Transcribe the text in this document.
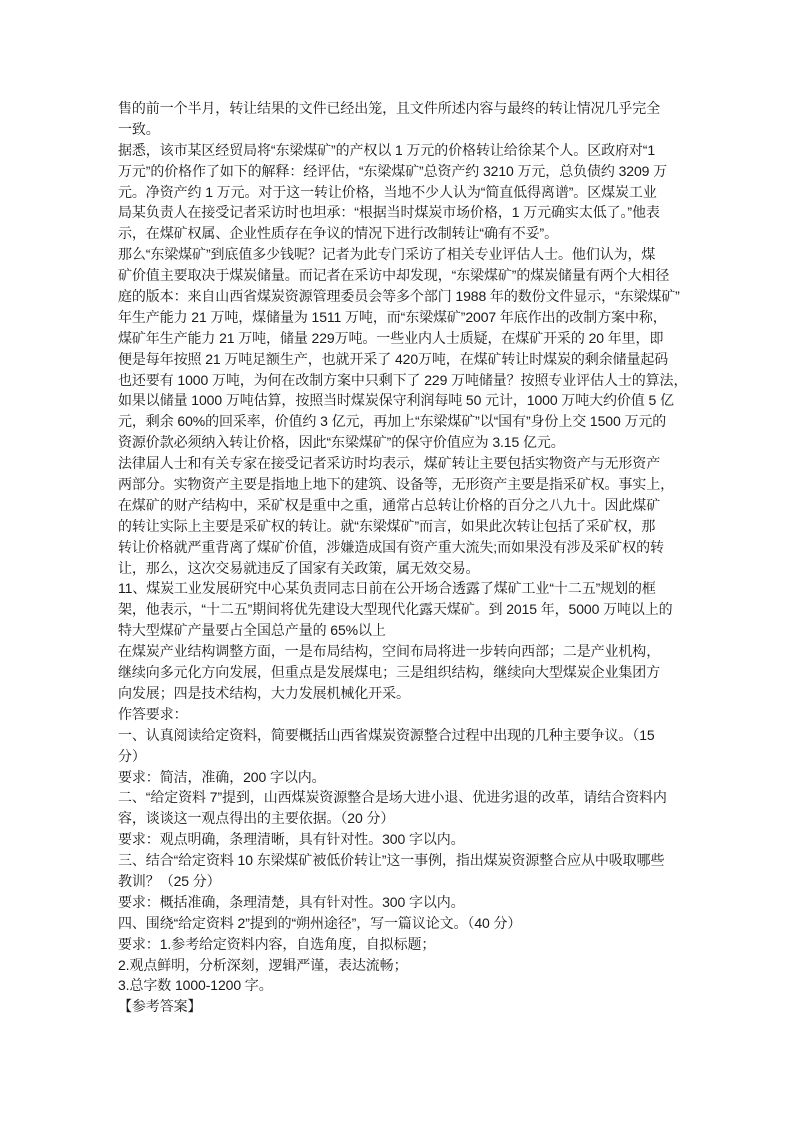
售的前一个半月，转让结果的文件已经出笼，且文件所述内容与最终的转让情况几乎完全
一致。
据悉，该市某区经贸局将“东梁煤矿”的产权以 1 万元的价格转让给徐某个人。区政府对“1
万元”的价格作了如下的解释：经评估，“东梁煤矿”总资产约 3210 万元，总负债约 3209 万
元。净资产约 1 万元。对于这一转让价格，当地不少人认为“简直低得离谱”。区煤炭工业
局某负责人在接受记者采访时也坦承：“根据当时煤炭市场价格，1 万元确实太低了。”他表
示，在煤矿权属、企业性质存在争议的情况下进行改制转让“确有不妥”。
那么“东梁煤矿”到底值多少钱呢？记者为此专门采访了相关专业评估人士。他们认为，煤
矿价值主要取决于煤炭储量。而记者在采访中却发现，“东梁煤矿”的煤炭储量有两个大相径
庭的版本：来自山西省煤炭资源管理委员会等多个部门 1988 年的数份文件显示，“东梁煤矿”
年生产能力 21 万吨，煤储量为 1511 万吨，而“东梁煤矿”2007 年底作出的改制方案中称，
煤矿年生产能力 21 万吨，储量 229万吨。一些业内人士质疑，在煤矿开采的 20 年里，即
便是每年按照 21 万吨足额生产，也就开采了 420万吨，在煤矿转让时煤炭的剩余储量起码
也还要有 1000 万吨，为何在改制方案中只剩下了 229 万吨储量？按照专业评估人士的算法，
如果以储量 1000 万吨估算，按照当时煤炭保守利润每吨 50 元计，1000 万吨大约价值 5 亿
元，剩余 60%的回采率，价值约 3 亿元，再加上“东梁煤矿”以“国有”身份上交 1500 万元的
资源价款必须纳入转让价格，因此“东梁煤矿”的保守价值应为 3.15 亿元。
法律届人士和有关专家在接受记者采访时均表示，煤矿转让主要包括实物资产与无形资产
两部分。实物资产主要是指地上地下的建筑、设备等，无形资产主要是指采矿权。事实上，
在煤矿的财产结构中，采矿权是重中之重，通常占总转让价格的百分之八九十。因此煤矿
的转让实际上主要是采矿权的转让。就“东梁煤矿”而言，如果此次转让包括了采矿权，那
转让价格就严重背离了煤矿价值，涉嫌造成国有资产重大流失;而如果没有涉及采矿权的转
让，那么，这次交易就违反了国家有关政策，属无效交易。
11、煤炭工业发展研究中心某负责同志日前在公开场合透露了煤矿工业“十二五”规划的框
架，他表示，“十二五”期间将优先建设大型现代化露天煤矿。到 2015 年，5000 万吨以上的
特大型煤矿产量要占全国总产量的 65%以上
在煤炭产业结构调整方面，一是布局结构，空间布局将进一步转向西部；二是产业机构，
继续向多元化方向发展，但重点是发展煤电；三是组织结构，继续向大型煤炭企业集团方
向发展；四是技术结构，大力发展机械化开采。
作答要求：
一、认真阅读给定资料，简要概括山西省煤炭资源整合过程中出现的几种主要争议。（15
分）
要求：简洁，准确，200 字以内。
二、“给定资料 7”提到，山西煤炭资源整合是场大进小退、优进劣退的改革，请结合资料内
容，谈谈这一观点得出的主要依据。（20 分）
要求：观点明确，条理清晰，具有针对性。300 字以内。
三、结合“给定资料 10 东梁煤矿被低价转让”这一事例，指出煤炭资源整合应从中吸取哪些
教训？（25 分）
要求：概括准确，条理清楚，具有针对性。300 字以内。
四、围绕“给定资料 2”提到的“朔州途径”，写一篇议论文。（40 分）
要求：1.参考给定资料内容，自选角度，自拟标题；
2.观点鲜明，分析深刻，逻辑严谨，表达流畅；
3.总字数 1000-1200 字。
【参考答案】
